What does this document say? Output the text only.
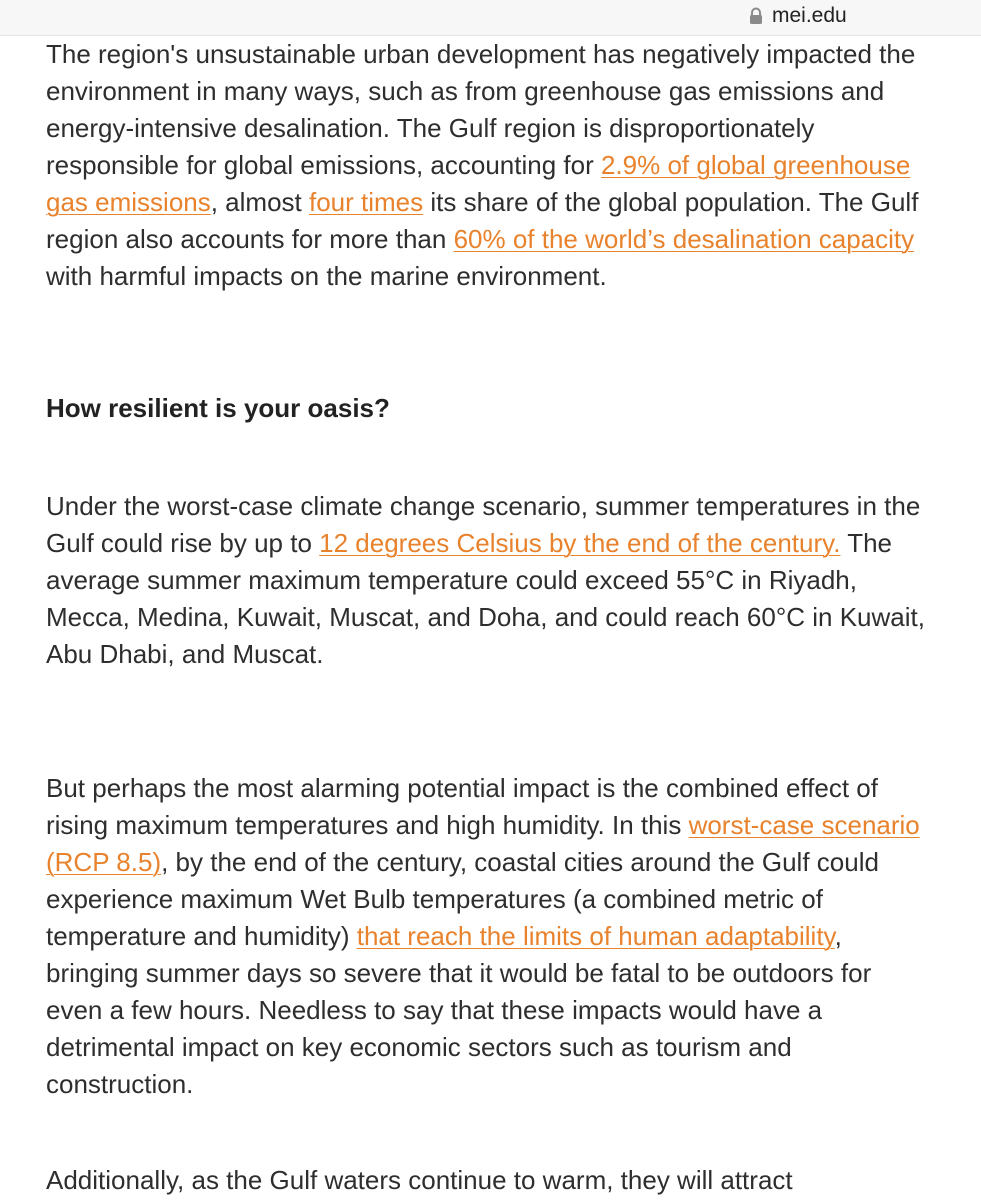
mei.edu

The region's unsustainable urban development has negatively impacted the environment in many ways, such as from greenhouse gas emissions and energy-intensive desalination. The Gulf region is disproportionately responsible for global emissions, accounting for 2.9% of global greenhouse gas emissions, almost four times its share of the global population. The Gulf region also accounts for more than 60% of the world’s desalination capacity with harmful impacts on the marine environment.

How resilient is your oasis?

Under the worst-case climate change scenario, summer temperatures in the Gulf could rise by up to 12 degrees Celsius by the end of the century. The average summer maximum temperature could exceed 55°C in Riyadh, Mecca, Medina, Kuwait, Muscat, and Doha, and could reach 60°C in Kuwait, Abu Dhabi, and Muscat.

But perhaps the most alarming potential impact is the combined effect of rising maximum temperatures and high humidity. In this worst-case scenario (RCP 8.5), by the end of the century, coastal cities around the Gulf could experience maximum Wet Bulb temperatures (a combined metric of temperature and humidity) that reach the limits of human adaptability, bringing summer days so severe that it would be fatal to be outdoors for even a few hours. Needless to say that these impacts would have a detrimental impact on key economic sectors such as tourism and construction.

Additionally, as the Gulf waters continue to warm, they will attract
